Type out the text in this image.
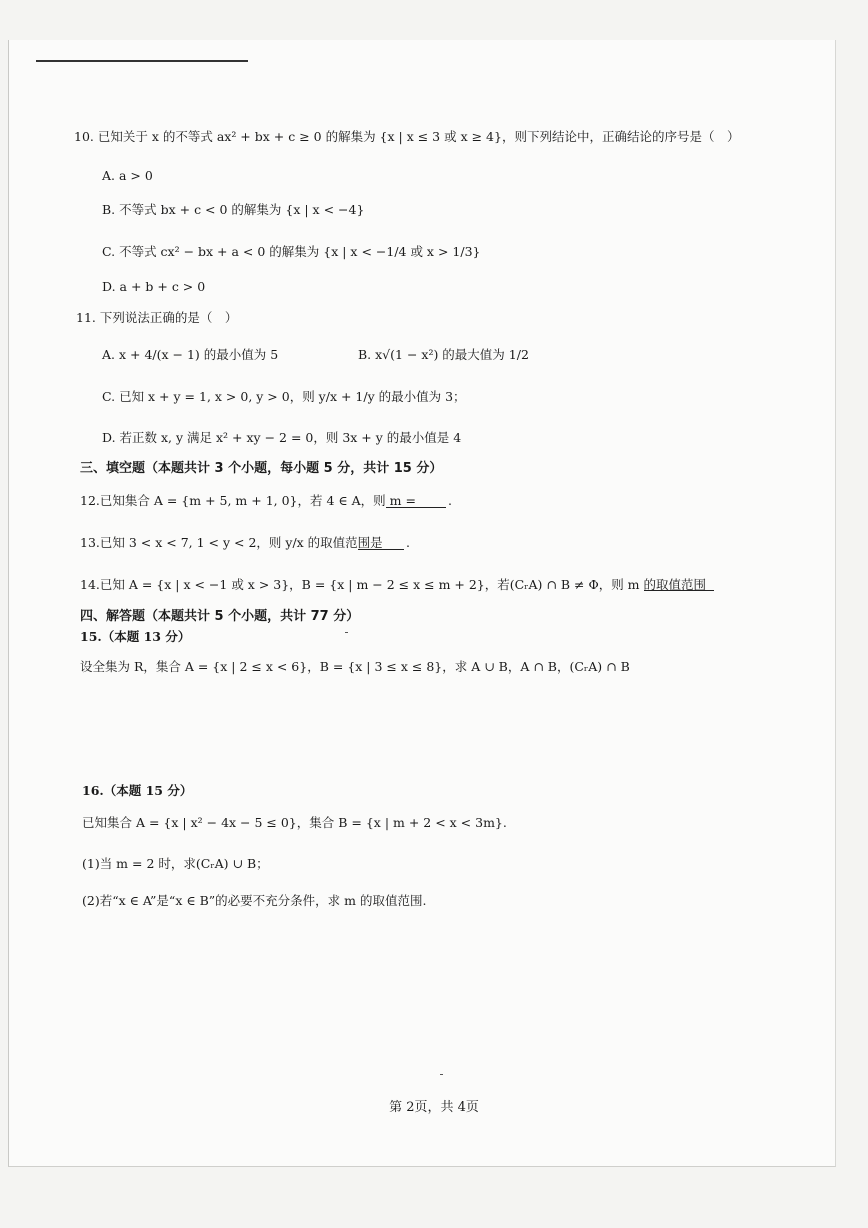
10. 已知关于 x 的不等式 ax² + bx + c ≥ 0 的解集为 {x | x ≤ 3 或 x ≥ 4}，则下列结论中，正确结论的序号是（　）
A. a > 0
B. 不等式 bx + c < 0 的解集为 {x | x < −4}
C. 不等式 cx² − bx + a < 0 的解集为 {x | x < −1/4 或 x > 1/3}
D. a + b + c > 0
11. 下列说法正确的是（　）
A. x + 4/(x − 1) 的最小值为 5	B. x√(1 − x²) 的最大值为 1/2
C. 已知 x + y = 1, x > 0, y > 0，则 y/x + 1/y 的最小值为 3；
D. 若正数 x, y 满足 x² + xy − 2 = 0，则 3x + y 的最小值是 4
三、填空题（本题共计 3 个小题，每小题 5 分，共计 15 分）
12.已知集合 A = {m + 5, m + 1, 0}，若 4 ∈ A，则 m =	.
13.已知 3 < x < 7, 1 < y < 2，则 y/x 的取值范围是 .
14.已知 A = {x | x < −1 或 x > 3}，B = {x | m − 2 ≤ x ≤ m + 2}，若(CᵣA) ∩ B ≠ Φ，则 m 的取值范围
四、解答题（本题共计 5 个小题，共计 77 分）
15.（本题 13 分）
设全集为 R，集合 A = {x | 2 ≤ x < 6}，B = {x | 3 ≤ x ≤ 8}，求 A ∪ B，A ∩ B，(CᵣA) ∩ B
16.（本题 15 分）
已知集合 A = {x | x² − 4x − 5 ≤ 0}，集合 B = {x | m + 2 < x < 3m}.
(1)当 m = 2 时，求(CᵣA) ∪ B；
(2)若“x ∈ A”是“x ∈ B”的必要不充分条件，求 m 的取值范围.
第 2页，共 4页
